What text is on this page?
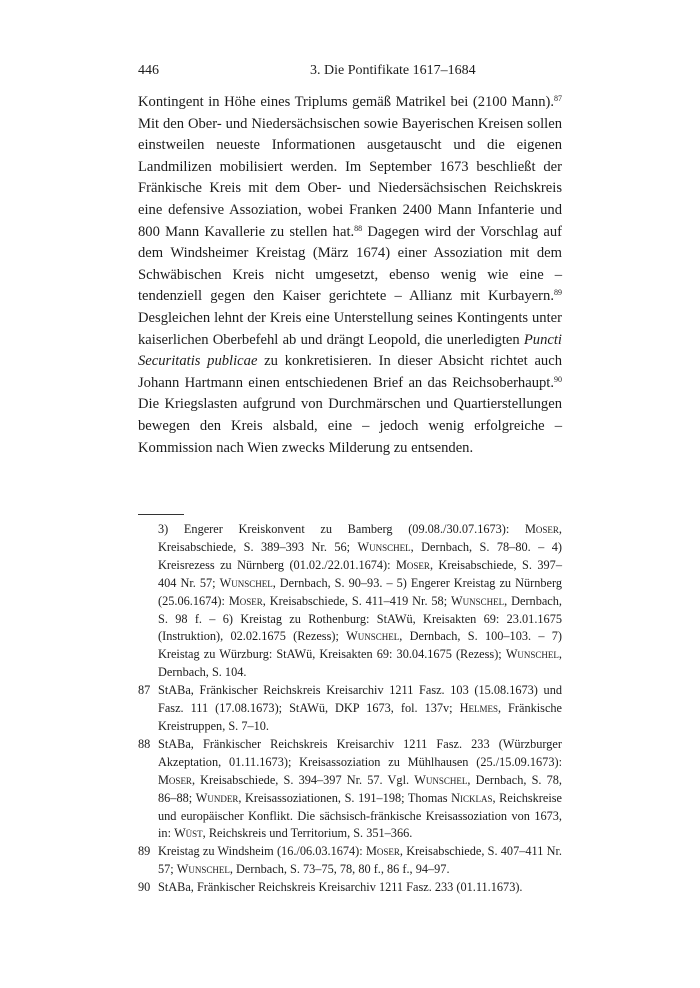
446	3. Die Pontifikate 1617–1684

Kontingent in Höhe eines Triplums gemäß Matrikel bei (2100 Mann).$^{87}$ Mit den Ober- und Niedersächsischen sowie Bayerischen Kreisen sollen einstweilen neueste Informationen ausgetauscht und die eigenen Landmilizen mobilisiert werden. Im September 1673 beschließt der Fränkische Kreis mit dem Ober- und Niedersächsischen Reichskreis eine defensive Assoziation, wobei Franken 2400 Mann Infanterie und 800 Mann Kavallerie zu stellen hat.$^{88}$ Dagegen wird der Vorschlag auf dem Windsheimer Kreistag (März 1674) einer Assoziation mit dem Schwäbischen Kreis nicht umgesetzt, ebenso wenig wie eine – tendenziell gegen den Kaiser gerichtete – Allianz mit Kurbayern.$^{89}$ Desgleichen lehnt der Kreis eine Unterstellung seines Kontingents unter kaiserlichen Oberbefehl ab und drängt Leopold, die unerledigten Puncti Securitatis publicae zu konkretisieren. In dieser Absicht richtet auch Johann Hartmann einen entschiedenen Brief an das Reichsoberhaupt.$^{90}$ Die Kriegslasten aufgrund von Durchmärschen und Quartierstellungen bewegen den Kreis alsbald, eine – jedoch wenig erfolgreiche – Kommission nach Wien zwecks Milderung zu entsenden.

3) Engerer Kreiskonvent zu Bamberg (09.08./30.07.1673): Moser, Kreisabschiede, S. 389–393 Nr. 56; Wunschel, Dernbach, S. 78–80. – 4) Kreisrezess zu Nürnberg (01.02./22.01.1674): Moser, Kreisabschiede, S. 397–404 Nr. 57; Wunschel, Dernbach, S. 90–93. – 5) Engerer Kreistag zu Nürnberg (25.06.1674): Moser, Kreisabschiede, S. 411–419 Nr. 58; Wunschel, Dernbach, S. 98 f. – 6) Kreistag zu Rothenburg: StAWü, Kreisakten 69: 23.01.1675 (Instruktion), 02.02.1675 (Rezess); Wunschel, Dernbach, S. 100–103. – 7) Kreistag zu Würzburg: StAWü, Kreisakten 69: 30.04.1675 (Rezess); Wunschel, Dernbach, S. 104.
87 StABa, Fränkischer Reichskreis Kreisarchiv 1211 Fasz. 103 (15.08.1673) und Fasz. 111 (17.08.1673); StAWü, DKP 1673, fol. 137v; Helmes, Fränkische Kreistruppen, S. 7–10.
88 StABa, Fränkischer Reichskreis Kreisarchiv 1211 Fasz. 233 (Würzburger Akzeptation, 01.11.1673); Kreisassoziation zu Mühlhausen (25./15.09.1673): Moser, Kreisabschiede, S. 394–397 Nr. 57. Vgl. Wunschel, Dernbach, S. 78, 86–88; Wunder, Kreisassoziationen, S. 191–198; Thomas Nicklas, Reichskreise und europäischer Konflikt. Die sächsisch-fränkische Kreisassoziation von 1673, in: Wüst, Reichskreis und Territorium, S. 351–366.
89 Kreistag zu Windsheim (16./06.03.1674): Moser, Kreisabschiede, S. 407–411 Nr. 57; Wunschel, Dernbach, S. 73–75, 78, 80 f., 86 f., 94–97.
90 StABa, Fränkischer Reichskreis Kreisarchiv 1211 Fasz. 233 (01.11.1673).
